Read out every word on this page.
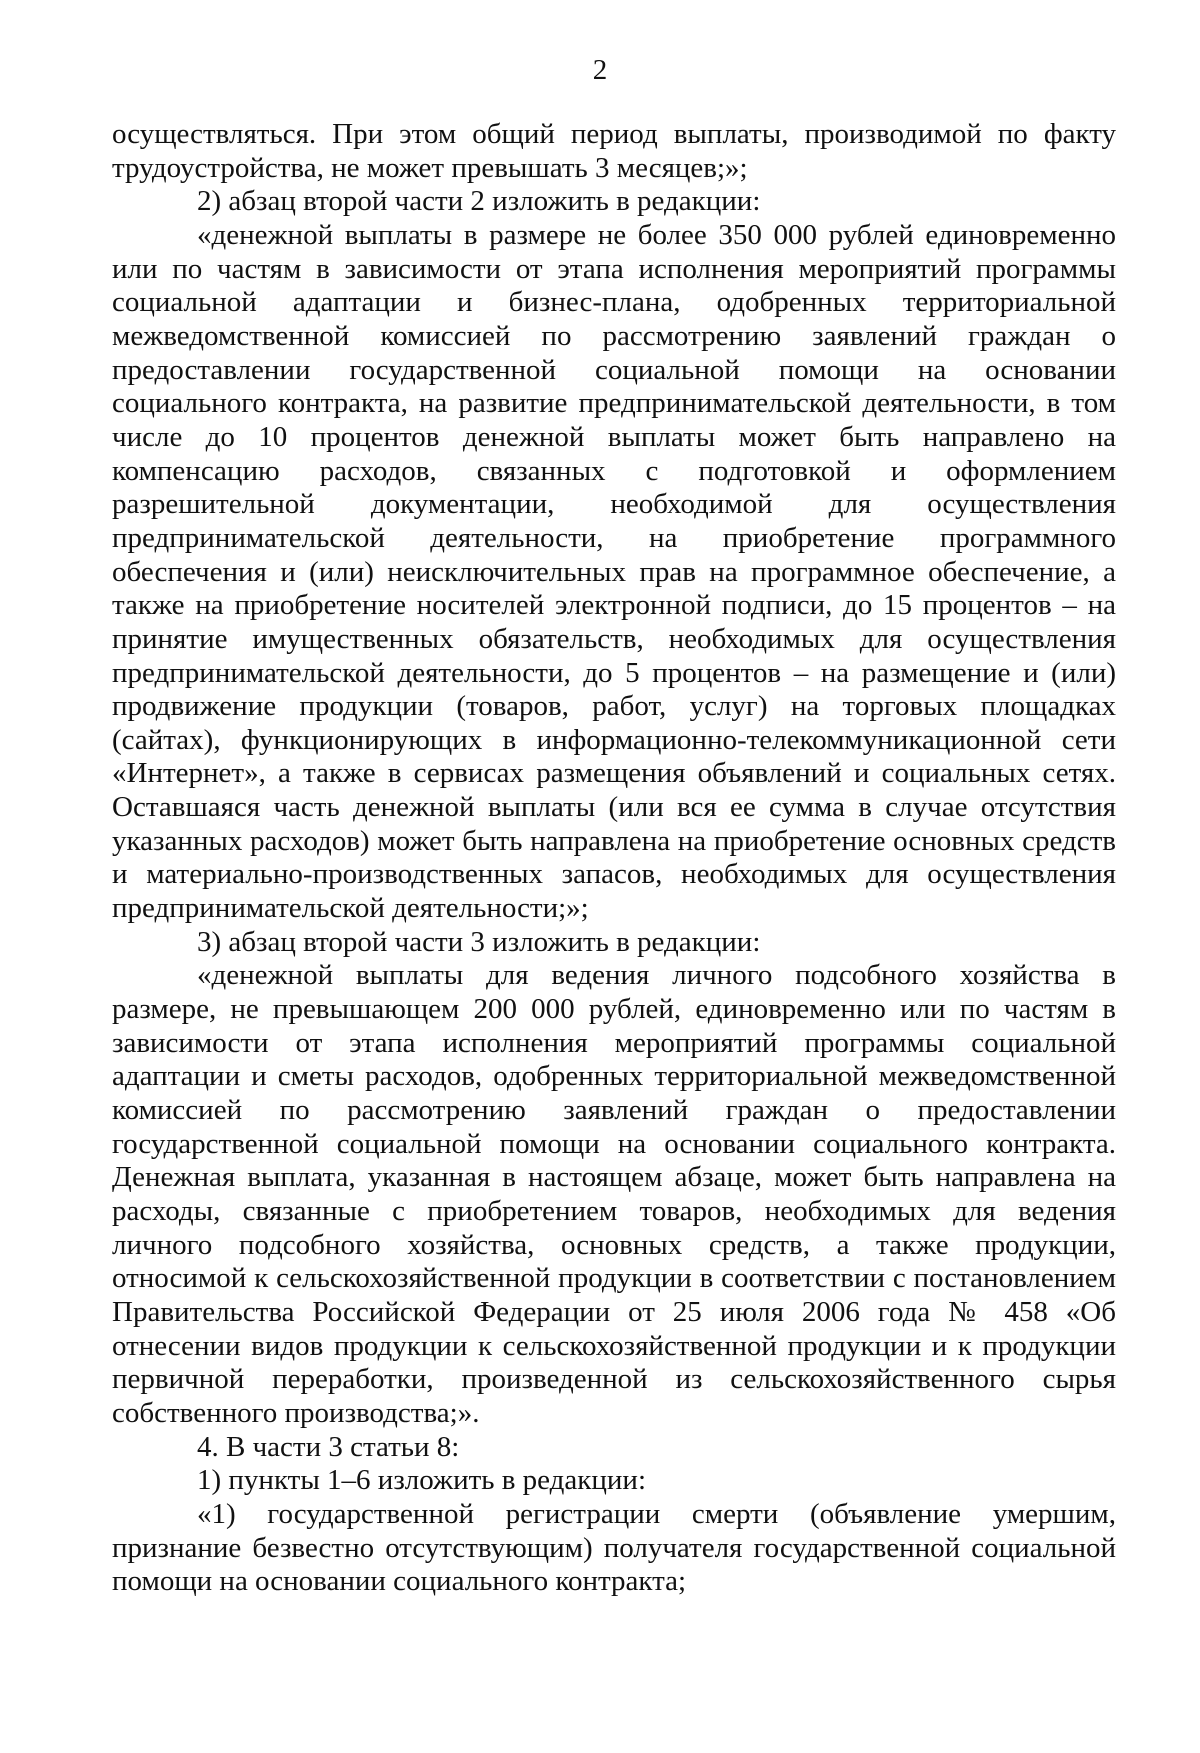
2

осуществляться. При этом общий период выплаты, производимой по факту трудоустройства, не может превышать 3 месяцев;»;

2) абзац второй части 2 изложить в редакции:

«денежной выплаты в размере не более 350 000 рублей единовременно или по частям в зависимости от этапа исполнения мероприятий программы социальной адаптации и бизнес-плана, одобренных территориальной межведомственной комиссией по рассмотрению заявлений граждан о предоставлении государственной социальной помощи на основании социального контракта, на развитие предпринимательской деятельности, в том числе до 10 процентов денежной выплаты может быть направлено на компенсацию расходов, связанных с подготовкой и оформлением разрешительной документации, необходимой для осуществления предпринимательской деятельности, на приобретение программного обеспечения и (или) неисключительных прав на программное обеспечение, а также на приобретение носителей электронной подписи, до 15 процентов – на принятие имущественных обязательств, необходимых для осуществления предпринимательской деятельности, до 5 процентов – на размещение и (или) продвижение продукции (товаров, работ, услуг) на торговых площадках (сайтах), функционирующих в информационно-телекоммуникационной сети «Интернет», а также в сервисах размещения объявлений и социальных сетях. Оставшаяся часть денежной выплаты (или вся ее сумма в случае отсутствия указанных расходов) может быть направлена на приобретение основных средств и материально-производственных запасов, необходимых для осуществления предпринимательской деятельности;»;

3) абзац второй части 3 изложить в редакции:

«денежной выплаты для ведения личного подсобного хозяйства в размере, не превышающем 200 000 рублей, единовременно или по частям в зависимости от этапа исполнения мероприятий программы социальной адаптации и сметы расходов, одобренных территориальной межведомственной комиссией по рассмотрению заявлений граждан о предоставлении государственной социальной помощи на основании социального контракта. Денежная выплата, указанная в настоящем абзаце, может быть направлена на расходы, связанные с приобретением товаров, необходимых для ведения личного подсобного хозяйства, основных средств, а также продукции, относимой к сельскохозяйственной продукции в соответствии с постановлением Правительства Российской Федерации от 25 июля 2006 года № 458 «Об отнесении видов продукции к сельскохозяйственной продукции и к продукции первичной переработки, произведенной из сельскохозяйственного сырья собственного производства;».

4. В части 3 статьи 8:

1) пункты 1–6 изложить в редакции:

«1) государственной регистрации смерти (объявление умершим, признание безвестно отсутствующим) получателя государственной социальной помощи на основании социального контракта;
